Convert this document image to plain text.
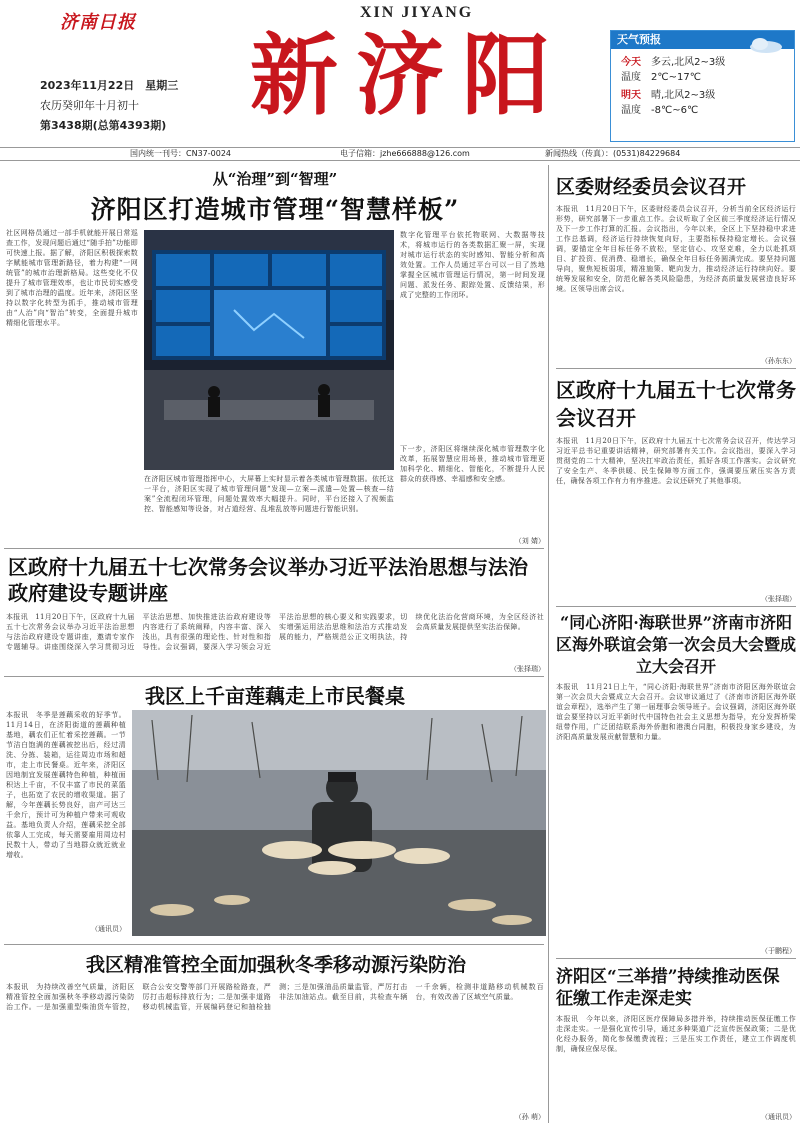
济南日报	XIN JIYANG
新济阳
2023年11月22日　星期三
农历癸卯年十月初十
第3438期(总第4393期)
天气预报
今天　 多云,北风2~3级
温度　 2℃~17℃
明天　 晴,北风2~3级
温度　 -8℃~6℃
国内统一刊号：CN37-0024	电子信箱：jzhe666888@126.com	新闻热线（传真）：(0531)84229684
从“治理”到“智理”
济阳区打造城市管理“智慧样板”
社区网格员通过一部手机就能开展日常巡查工作，发现问题后通过“随手拍”功能即可快速上报。据了解，济阳区积极探索数字赋能城市管理新路径，着力构建“一网统管”的城市治理新格局。这些变化不仅提升了城市管理效率，也让市民切实感受到了城市治理的温度。近年来，济阳区坚持以数字化转型为抓手，推动城市管理由“人治”向“智治”转变，全面提升城市精细化管理水平。
数字化管理平台依托物联网、大数据等技术，将城市运行的各类数据汇聚一屏，实现对城市运行状态的实时感知、智能分析和高效处置。工作人员通过平台可以一目了然地掌握全区城市管理运行情况，第一时间发现问题、派发任务、跟踪处置、反馈结果，形成了完整的工作闭环。
在济阳区城市管理指挥中心，大屏幕上实时显示着各类城市管理数据。依托这一平台，济阳区实现了城市管理问题“发现—立案—派遣—处置—核查—结案”全流程闭环管理，问题处置效率大幅提升。同时，平台还接入了视频监控、智能感知等设备，对占道经营、乱堆乱放等问题进行智能识别。
下一步，济阳区将继续深化城市管理数字化改革，拓展智慧应用场景，推动城市管理更加科学化、精细化、智能化，不断提升人民群众的获得感、幸福感和安全感。
（刘 婧）
区政府十九届五十七次常务会议举办习近平法治思想与法治政府建设专题讲座
本报讯　11月20日下午，区政府十九届五十七次常务会议举办习近平法治思想与法治政府建设专题讲座，邀请专家作专题辅导。讲座围绕深入学习贯彻习近平法治思想、加快推进法治政府建设等内容进行了系统阐释，内容丰富、深入浅出，具有很强的理论性、针对性和指导性。会议强调，要深入学习领会习近平法治思想的核心要义和实践要求，切实增强运用法治思维和法治方式推动发展的能力，严格规范公正文明执法，持续优化法治化营商环境，为全区经济社会高质量发展提供坚实法治保障。
（张择瑞）
我区上千亩莲藕走上市民餐桌
本报讯　冬季是莲藕采收的好季节。11月14日，在济阳街道的莲藕种植基地，藕农们正忙着采挖莲藕。一节节洁白饱满的莲藕被挖出后，经过清洗、分拣、装箱，运往周边市场和超市，走上市民餐桌。近年来，济阳区因地制宜发展莲藕特色种植，种植面积达上千亩，不仅丰富了市民的菜篮子，也拓宽了农民的增收渠道。据了解，今年莲藕长势良好，亩产可达三千余斤，预计可为种植户带来可观收益。基地负责人介绍，莲藕采挖全部依靠人工完成，每天需要雇用周边村民数十人，带动了当地群众就近就业增收。
（通讯员）
我区精准管控全面加强秋冬季移动源污染防治
本报讯　为持续改善空气质量，济阳区精准管控全面加强秋冬季移动源污染防治工作。一是加强重型柴油货车管控，联合公安交警等部门开展路检路查，严厉打击超标排放行为；二是加强非道路移动机械监管，开展编码登记和抽检抽测；三是加强油品质量监管，严厉打击非法加油站点。截至目前，共检查车辆一千余辆，检测非道路移动机械数百台，有效改善了区域空气质量。
（孙 萌）
区委财经委员会议召开
本报讯　11月20日下午，区委财经委员会议召开，分析当前全区经济运行形势，研究部署下一步重点工作。会议听取了全区前三季度经济运行情况及下一步工作打算的汇报。会议指出，今年以来，全区上下坚持稳中求进工作总基调，经济运行持续恢复向好，主要指标保持稳定增长。会议强调，要锚定全年目标任务不放松，坚定信心、攻坚克难，全力以赴抓项目、扩投资、促消费、稳增长，确保全年目标任务圆满完成。要坚持问题导向，聚焦短板弱项，精准施策、靶向发力，推动经济运行持续向好。要统筹发展和安全，防范化解各类风险隐患，为经济高质量发展营造良好环境。区领导出席会议。
（孙东东）
区政府十九届五十七次常务会议召开
本报讯　11月20日下午，区政府十九届五十七次常务会议召开，传达学习习近平总书记重要讲话精神，研究部署有关工作。会议指出，要深入学习贯彻党的二十大精神，坚决扛牢政治责任，抓好各项工作落实。会议研究了安全生产、冬季供暖、民生保障等方面工作，强调要压紧压实各方责任，确保各项工作有力有序推进。会议还研究了其他事项。
（张择瑞）
“同心济阳·海联世界”济南市济阳区海外联谊会第一次会员大会暨成立大会召开
本报讯　11月21日上午，“同心济阳·海联世界”济南市济阳区海外联谊会第一次会员大会暨成立大会召开。会议审议通过了《济南市济阳区海外联谊会章程》，选举产生了第一届理事会领导班子。会议强调，济阳区海外联谊会要坚持以习近平新时代中国特色社会主义思想为指导，充分发挥桥梁纽带作用，广泛团结联系海外侨胞和港澳台同胞，积极投身家乡建设，为济阳高质量发展贡献智慧和力量。
（于鹏程）
济阳区“三举措”持续推动医保征缴工作走深走实
本报讯　今年以来，济阳区医疗保障局多措并举，持续推动医保征缴工作走深走实。一是强化宣传引导，通过多种渠道广泛宣传医保政策；二是优化经办服务，简化参保缴费流程；三是压实工作责任，建立工作调度机制，确保应保尽保。
（通讯员）
